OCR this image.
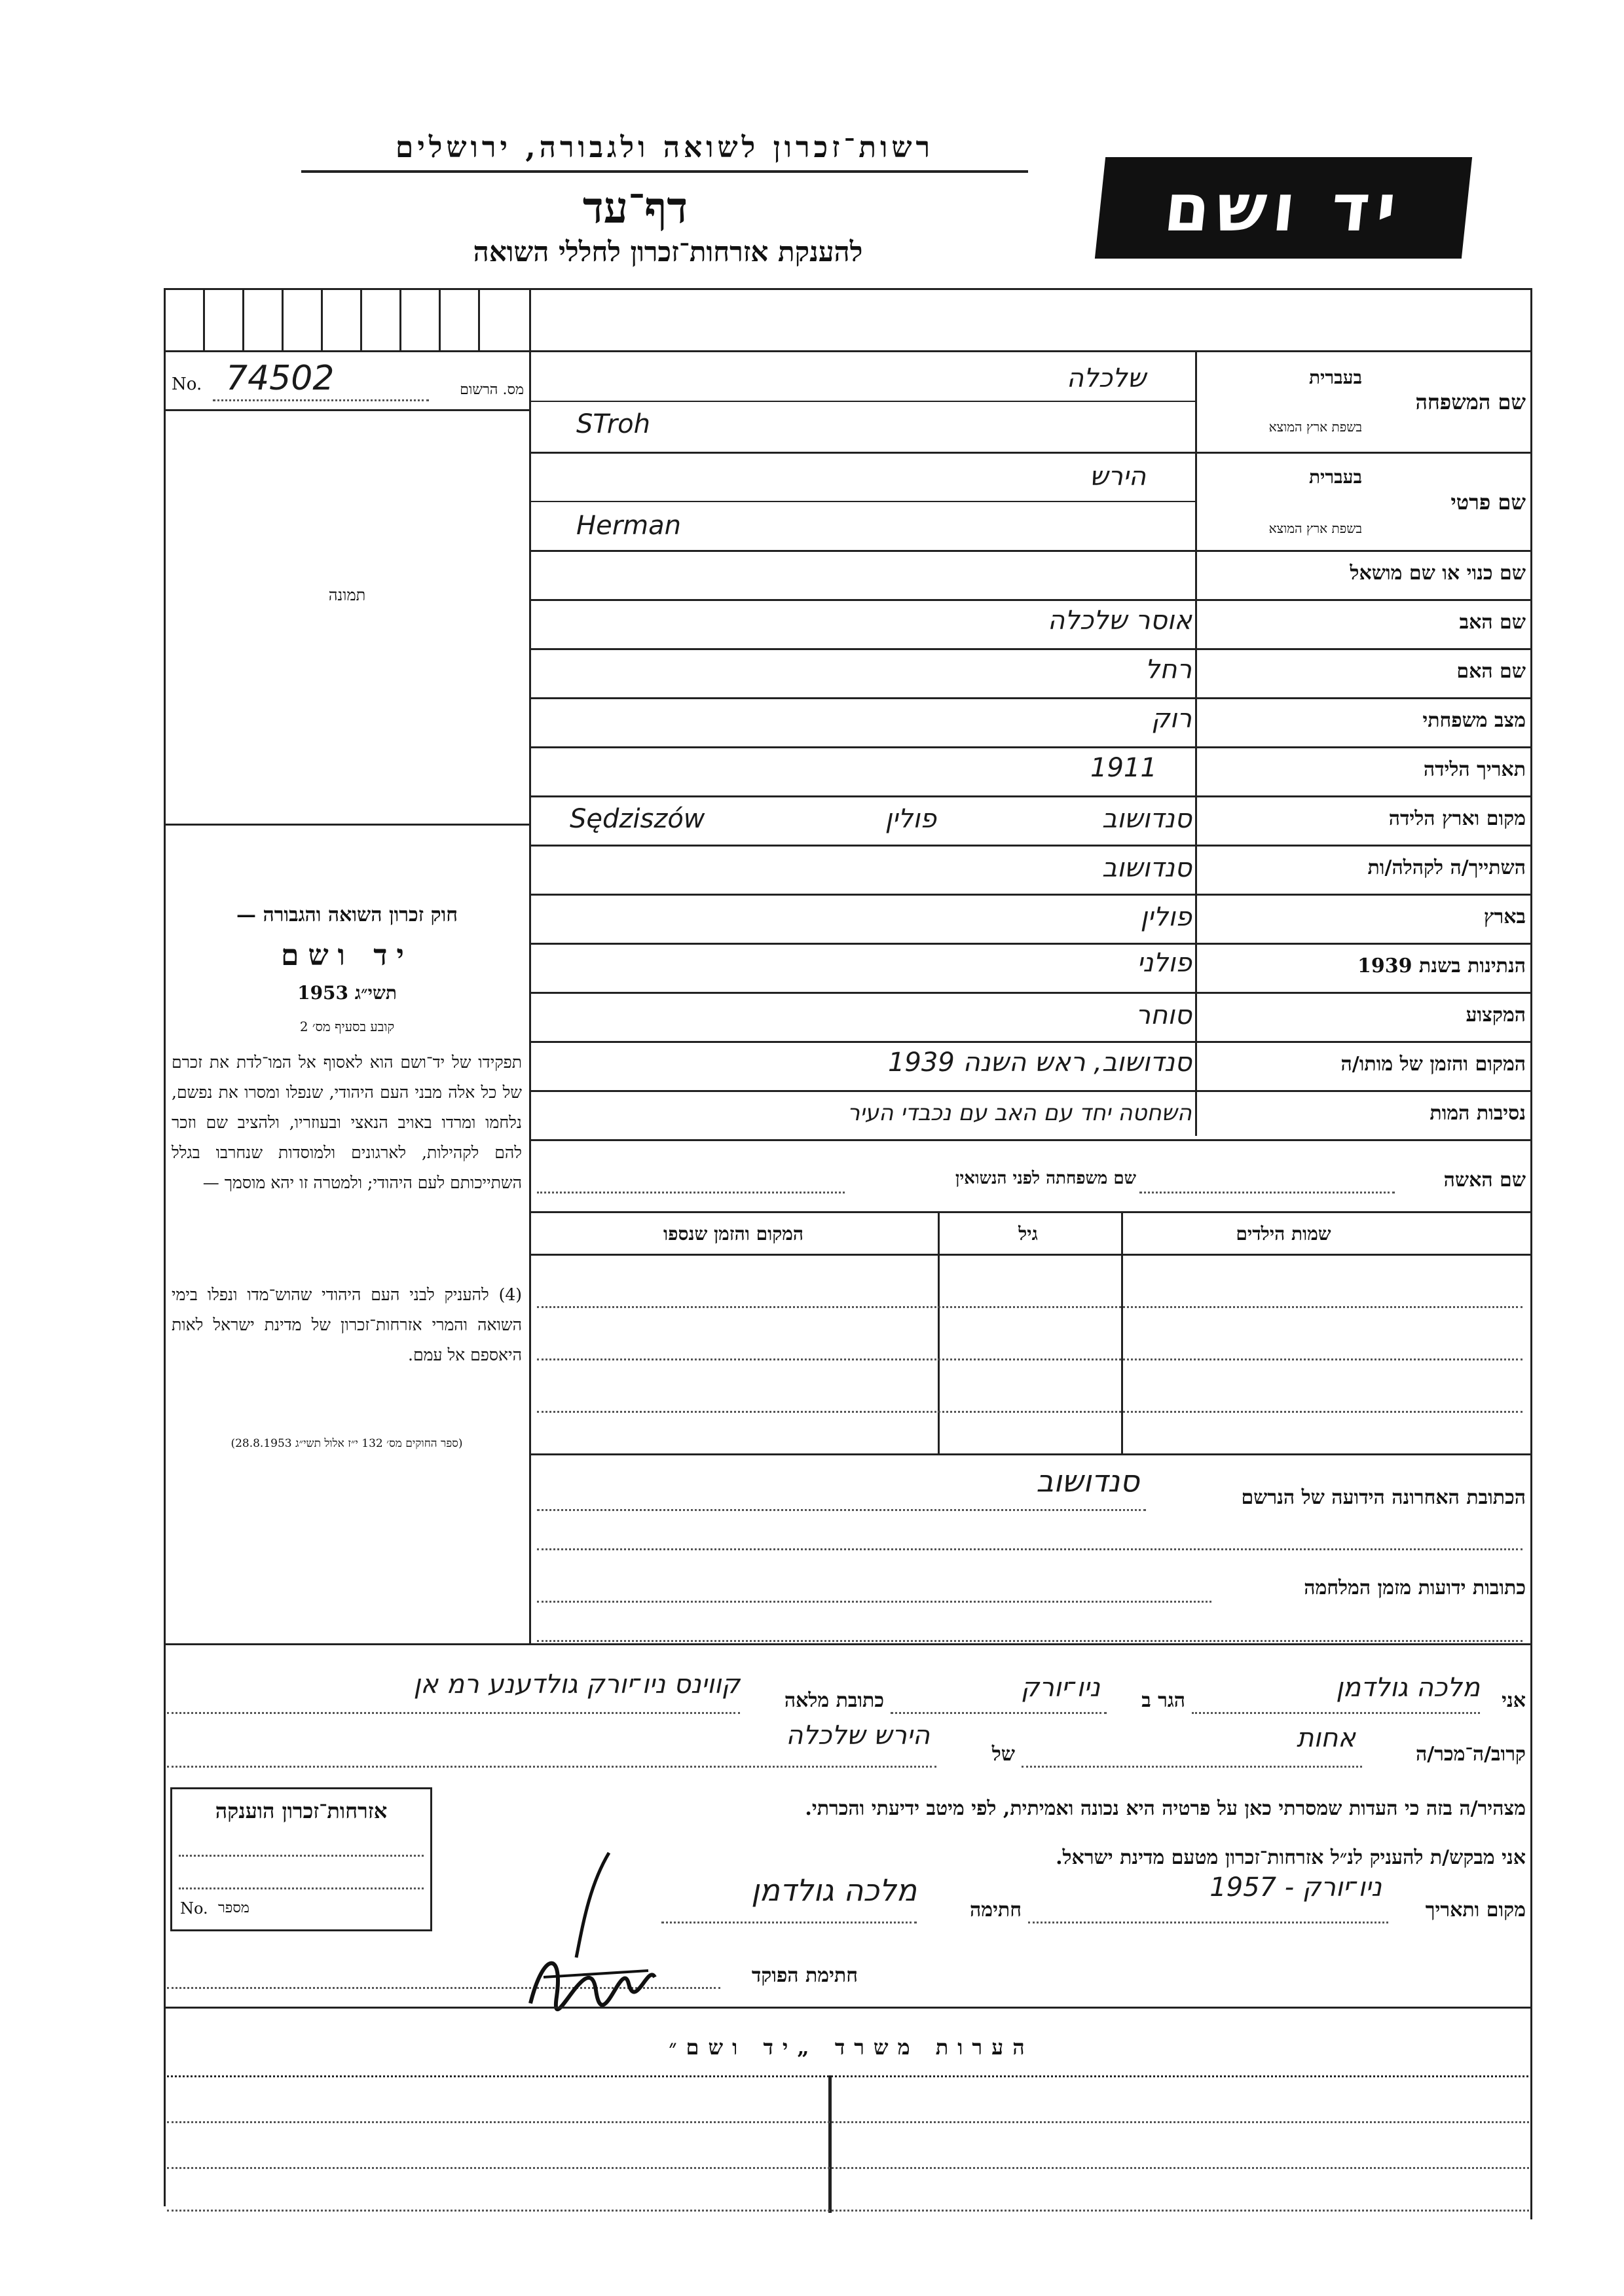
רשות־זכרון לשואה ולגבורה, ירושלים
דף־עד
להענקת אזרחות־זכרון לחללי השואה
יד ושם
No. 74502	מס. הרשום
תמונה
חוק זכרון השואה והגבורה —
יד ושם
תשי״ג 1953
קובע בסעיף מס׳ 2
תפקידו של יד־ושם הוא לאסוף אל המו־לדת את זכרם של כל אלה מבני העם היהודי, שנפלו ומסרו את נפשם, נלחמו ומרדו באויב הנאצי ובעוזריו, ולהציב שם וזכר להם לקהילות, לארגונים ולמוסדות שנחרבו בגלל השתייכותם לעם היהודי; ולמטרה זו יהא מוסמך —
(4) להעניק לבני העם היהודי שהוש־מדו ונפלו בימי השואה והמרי אזרחות־זכרון של מדינת ישראל לאות היאספם אל עמם.
(ספר החוקים מס׳ 132 י״ז אלול תשי״ג 28.8.1953)
שם המשפחה
בעברית
בשפת ארץ המוצא
שלכלה
STroh
שם פרטי
בעברית
בשפת ארץ המוצא
הירש
Herman
שם כנוי או שם מושאל
שם האב
אוסר שלכלה
שם האם
רחל
מצב משפחתי
רוק
תאריך הלידה
1911
מקום וארץ הלידה
סנדושוב
Sędziszów	פולין
השתייך/ה לקהלה/ות
סנדושוב
בארץ
פולין
הנתינות בשנת 1939
פולני
המקצוע
סוחר
המקום והזמן של מותו/ה
סנדושוב, ראש השנה 1939
נסיבות המות
השחטה יחד עם האב עם נכבדי העיר
שם האשה
שם משפחתה לפני הנשואין
שמות הילדים
גיל
המקום והזמן שנספו
הכתובת האחרונה הידועה של הנרשם
סנדושוב
כתובות ידועות מזמן המלחמה
אני
מלכה גולדמן
הגר ב
ניו־יורק
כתובת מלאה
קווינס ניו־יורק גולדענע רמ אן
קרוב/ה־מכר/ה
אחות
של
הירש שלכלה
מצהיר/ה בזה כי העדות שמסרתי כאן על פרטיה היא נכונה ואמיתית, לפי מיטב ידיעתי והכרתי.
אני מבקש/ת להעניק לנ״ל אזרחות־זכרון מטעם מדינת ישראל.
מקום ותאריך
ניו־יורק - 1957
חתימה
מלכה גולדמן
חתימת הפוקד
אזרחות־זכרון הוענקה
No. מספר
הערות משרד „יד ושם״
